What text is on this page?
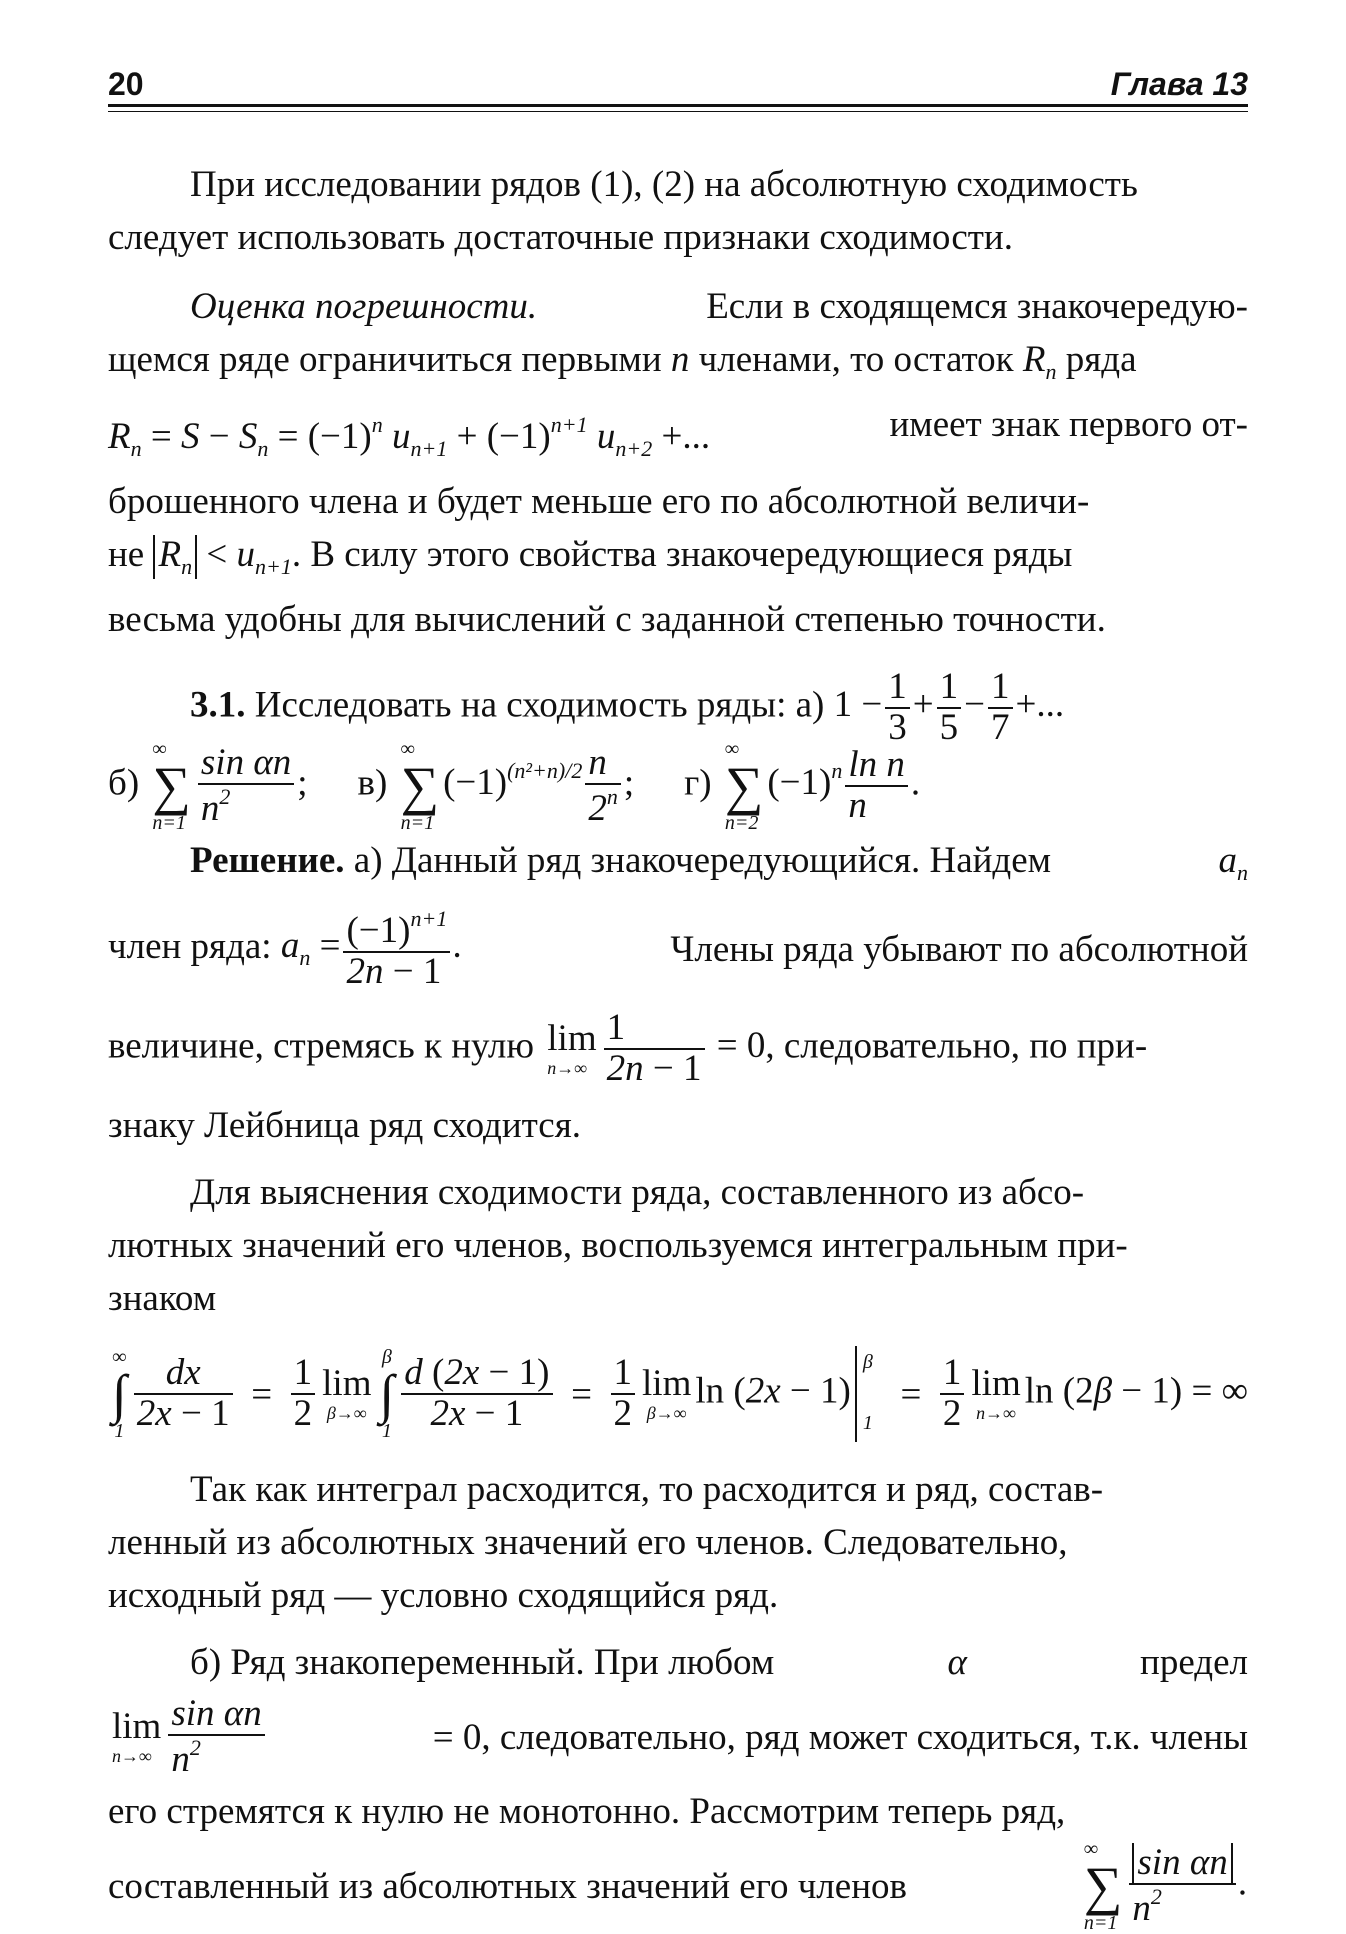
20	Глава 13
При исследовании рядов (1), (2) на абсолютную сходимость
следует использовать достаточные признаки сходимости.
Оценка погрешности.	Если в сходящемся знакочередую-
щемся ряде ограничиться первыми n членами, то остаток $R_n$ ряда
$R_n = S - S_n = (-1)^n$ $u_{n+1} + (-1)^{n+1}$ $u_{n+2}$ +...	имеет знак первого от-
брошенного члена и будет меньше его по абсолютной величи-
не $R_n < u_{n+1}$. В силу этого свойства знакочередующиеся ряды
весьма удобны для вычислений с заданной степенью точности.
3.1. Исследовать на сходимость ряды: а) $1 - \frac{1}{3} + \frac{1}{5} - \frac{1}{7}$ +...
б)
∞
∑
$n=1 \frac{\text{sin αn}}{n^2}$ ; в)
∞
∑
n=1
$(-1)^{(n^2+n)/2} \frac{n}{2^n}$ ; г)
∞
∑
n=2
$(-1)^n \frac{\text{ln n}}{n}$ .
Решение. а) Данный ряд знакочередующийся. Найдем	$a_n$
член ряда: $a_n = \frac{(-1)^{n+1}}{2n - 1}$ .	Члены ряда убывают по абсолютной
величине, стремясь к нулю lim
$n\to\infty \frac{1}{2n - 1} = 0$, следовательно, по при-
знаку Лейбница ряд сходится.
Для выяснения сходимости ряда, составленного из абсо-
лютных значений его членов, воспользуемся интегральным при-
знаком
∞
∫
$1 \frac{dx}{2x - 1} = \frac{1}{2}$ lim
β→∞
β
∫
$1 \frac{d (2x - 1)}{2x - 1} = \frac{1}{2}$ lim
β→∞
ln (2x − 1)
β
1
= $\frac{1}{2}$ lim
n→∞
ln (2β − 1) = ∞
Так как интеграл расходится, то расходится и ряд, состав-
ленный из абсолютных значений его членов. Следовательно,
исходный ряд — условно сходящийся ряд.
б) Ряд знакопеременный. При любом	α	предел
lim
$n\to\infty \frac{\text{sin αn}}{n^2}$	= 0, следовательно, ряд может сходиться, т.к. члены
его стремятся к нулю не монотонно. Рассмотрим теперь ряд,
составленный из абсолютных значений его членов
∞
∑
$n=1 \frac{\text{sin αn}}{n^2}$ .
